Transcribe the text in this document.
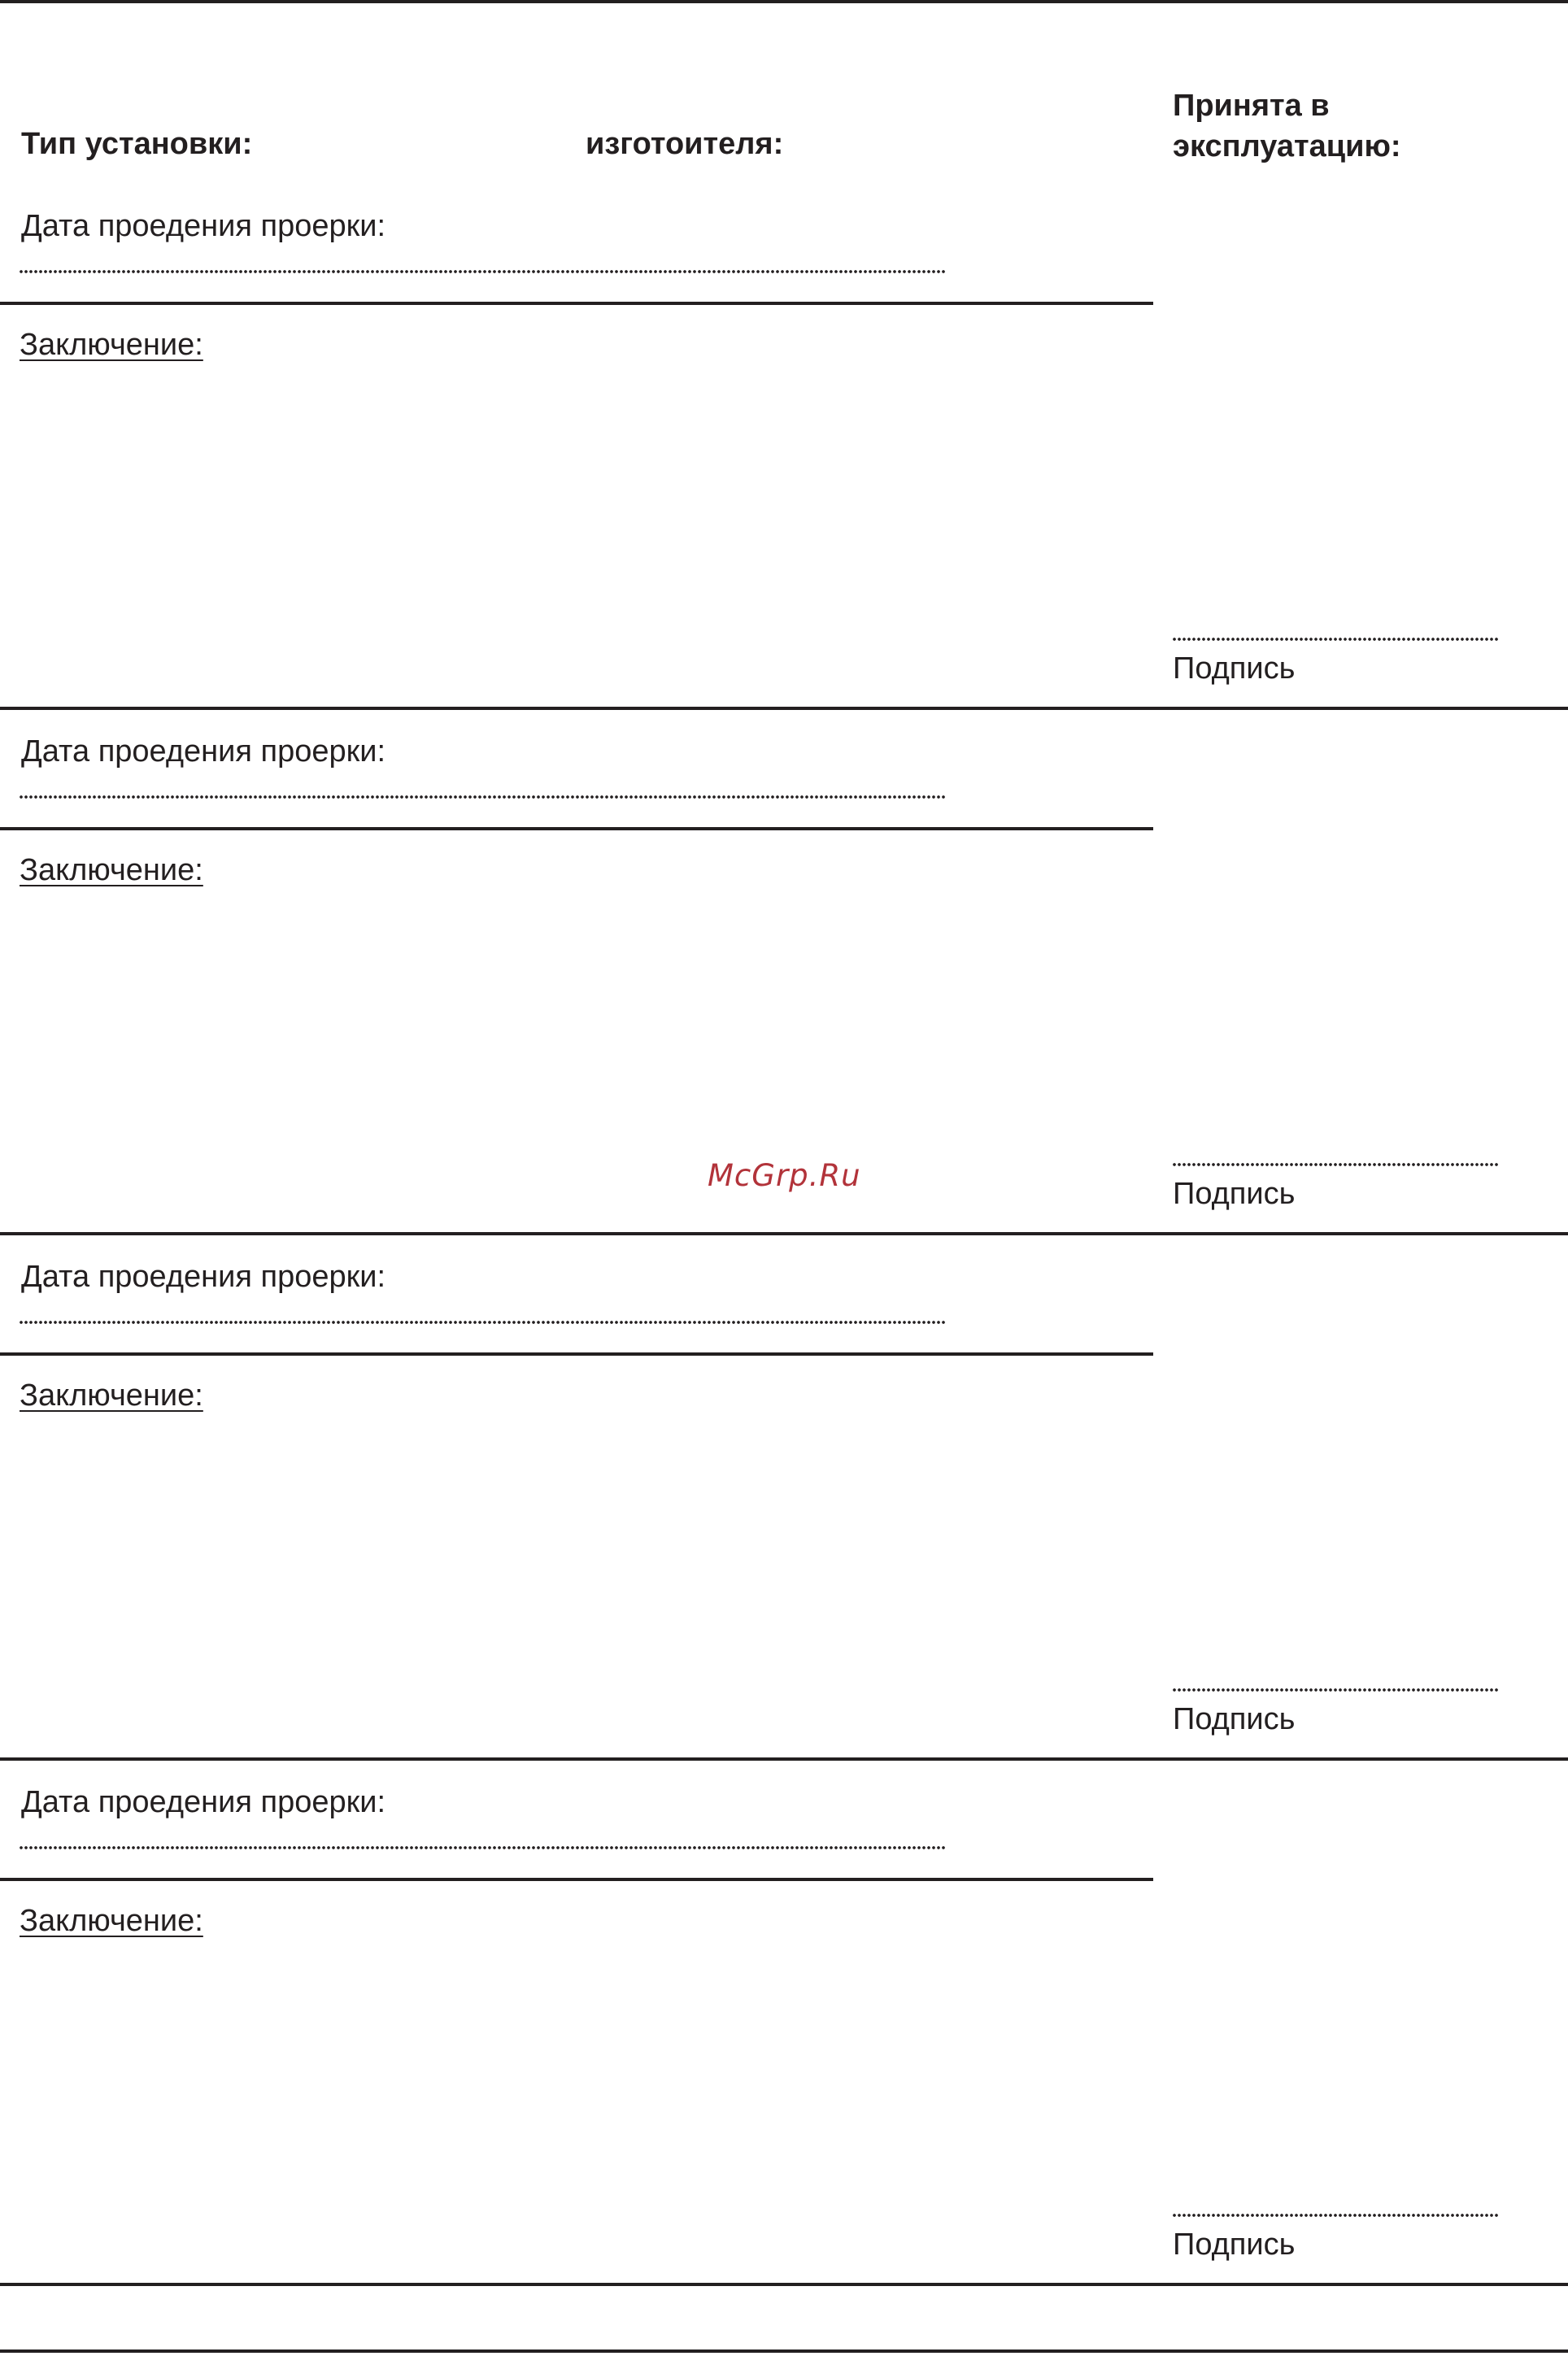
Тип установки:	изготоителя:
Принята в
эксплуатацию:
Дата проедения проерки:
Заключение:
Подпись
Дата проедения проерки:
Заключение:
Подпись
Дата проедения проерки:
Заключение:
Подпись
Дата проедения проерки:
Заключение:
Подпись
McGrp.Ru
